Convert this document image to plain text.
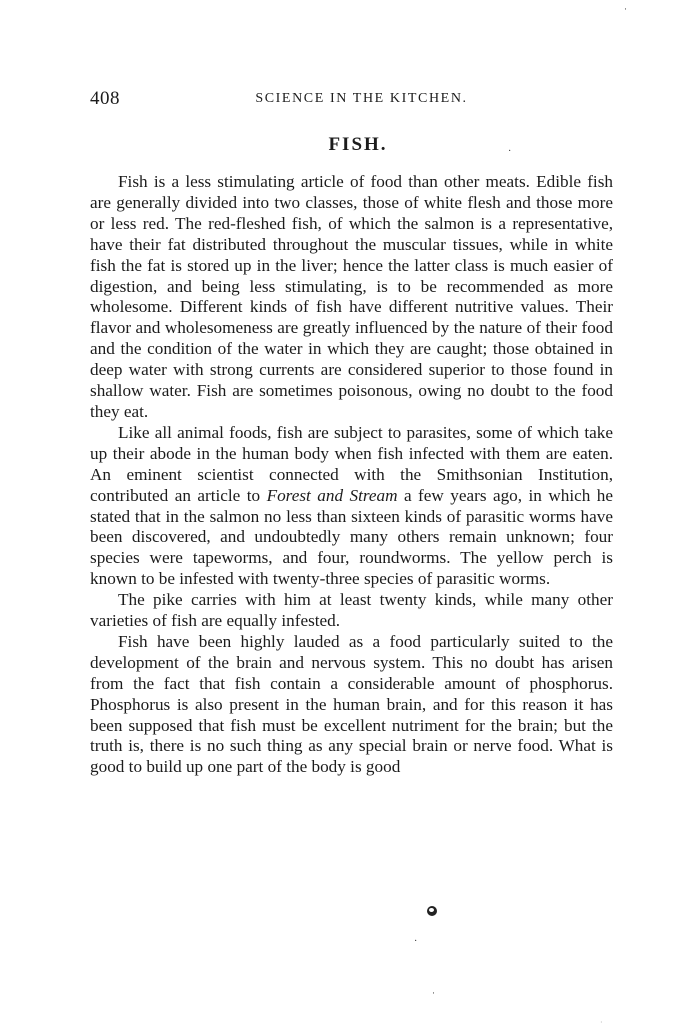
408	SCIENCE IN THE KITCHEN.
FISH.

Fish is a less stimulating article of food than other meats. Edible fish are generally divided into two classes, those of white flesh and those more or less red. The red-fleshed fish, of which the salmon is a representative, have their fat distributed throughout the muscular tissues, while in white fish the fat is stored up in the liver; hence the latter class is much easier of digestion, and being less stimulating, is to be recommended as more wholesome. Different kinds of fish have different nutritive values. Their flavor and wholesomeness are greatly influenced by the nature of their food and the condition of the water in which they are caught; those obtained in deep water with strong currents are considered superior to those found in shallow water. Fish are sometimes poisonous, owing no doubt to the food they eat.

Like all animal foods, fish are subject to parasites, some of which take up their abode in the human body when fish infected with them are eaten. An eminent scientist connected with the Smithsonian Institution, contributed an article to Forest and Stream a few years ago, in which he stated that in the salmon no less than sixteen kinds of parasitic worms have been discovered, and undoubtedly many others remain unknown; four species were tapeworms, and four, roundworms. The yellow perch is known to be infested with twenty-three species of parasitic worms.

The pike carries with him at least twenty kinds, while many other varieties of fish are equally infested.

Fish have been highly lauded as a food particularly suited to the development of the brain and nervous system. This no doubt has arisen from the fact that fish contain a considerable amount of phosphorus. Phosphorus is also present in the human brain, and for this reason it has been supposed that fish must be excellent nutriment for the brain; but the truth is, there is no such thing as any special brain or nerve food. What is good to build up one part of the body is good

·
·
·
·
·
